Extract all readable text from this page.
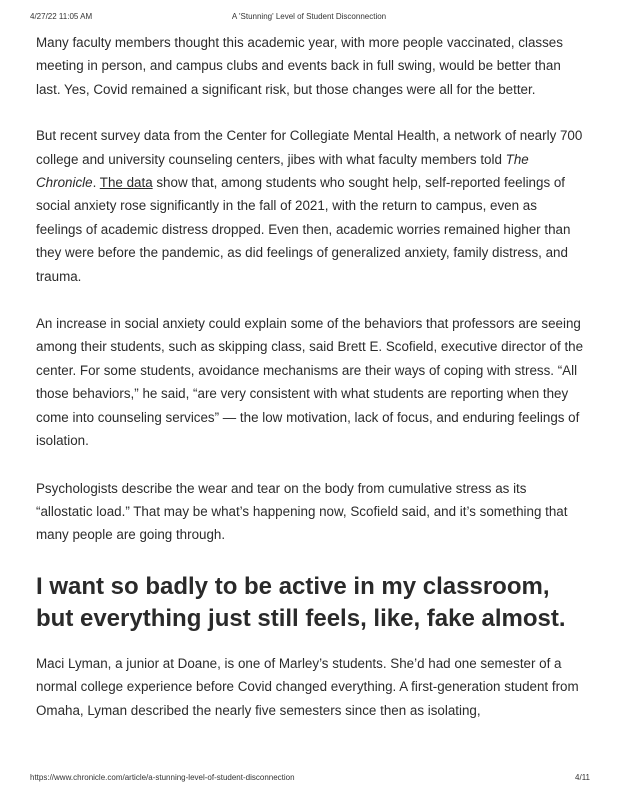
4/27/22 11:05 AM	A 'Stunning' Level of Student Disconnection

Many faculty members thought this academic year, with more people vaccinated, classes meeting in person, and campus clubs and events back in full swing, would be better than last. Yes, Covid remained a significant risk, but those changes were all for the better.

But recent survey data from the Center for Collegiate Mental Health, a network of nearly 700 college and university counseling centers, jibes with what faculty members told The Chronicle. The data show that, among students who sought help, self-reported feelings of social anxiety rose significantly in the fall of 2021, with the return to campus, even as feelings of academic distress dropped. Even then, academic worries remained higher than they were before the pandemic, as did feelings of generalized anxiety, family distress, and trauma.

An increase in social anxiety could explain some of the behaviors that professors are seeing among their students, such as skipping class, said Brett E. Scofield, executive director of the center. For some students, avoidance mechanisms are their ways of coping with stress. “All those behaviors,” he said, “are very consistent with what students are reporting when they come into counseling services” — the low motivation, lack of focus, and enduring feelings of isolation.

Psychologists describe the wear and tear on the body from cumulative stress as its “allostatic load.” That may be what’s happening now, Scofield said, and it’s something that many people are going through.

I want so badly to be active in my classroom, but everything just still feels, like, fake almost.

Maci Lyman, a junior at Doane, is one of Marley’s students. She’d had one semester of a normal college experience before Covid changed everything. A first-generation student from Omaha, Lyman described the nearly five semesters since then as isolating,

https://www.chronicle.com/article/a-stunning-level-of-student-disconnection	4/11
